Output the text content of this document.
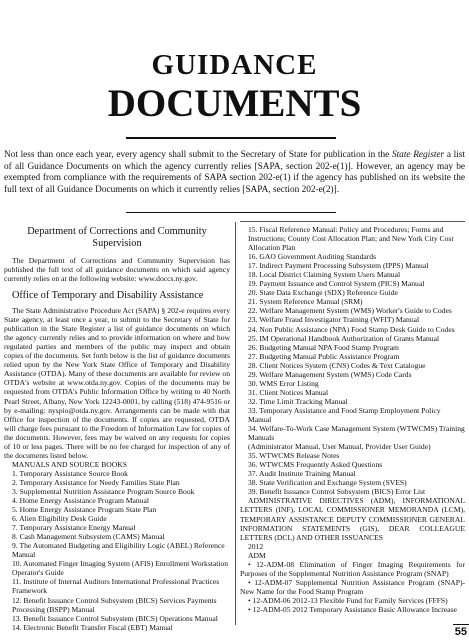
GUIDANCE
DOCUMENTS
Not less than once each year, every agency shall submit to the Secretary of State for publication in the State Register a list of all Guidance Documents on which the agency currently relies [SAPA, section 202-e(1)]. However, an agency may be exempted from compliance with the requirements of SAPA section 202-e(1) if the agency has published on its website the full text of all Guidance Documents on which it currently relies [SAPA, section 202-e(2)].
Department of Corrections and Community Supervision

The Department of Corrections and Community Supervision has published the full text of all guidance documents on which said agency currently relies on at the following website: www.doccs.ny.gov.

Office of Temporary and Disability Assistance

The State Administrative Procedure Act (SAPA) § 202-e requires every State agency, at least once a year, to submit to the Secretary of State for publication in the State Register a list of guidance documents on which the agency currently relies and to provide information on where and how regulated parties and members of the public may inspect and obtain copies of the documents. Set forth below is the list of guidance documents relied upon by the New York State Office of Temporary and Disability Assistance (OTDA). Many of these documents are available for review on OTDA's website at www.otda.ny.gov. Copies of the documents may be requested from OTDA's Public Information Office by writing to 40 North Pearl Street, Albany, New York 12243-0001, by calling (518) 474-9516 or by e-mailing: nyspio@otda.ny.gov. Arrangements can be made with that Office for inspection of the documents. If copies are requested, OTDA will charge fees pursuant to the Freedom of Information Law for copies of the documents. However, fees may be waived on any requests for copies of 10 or less pages. There will be no fee charged for inspection of any of the documents listed below.

MANUALS AND SOURCE BOOKS
1. Temporary Assistance Source Book
2. Temporary Assistance for Needy Families State Plan
3. Supplemental Nutrition Assistance Program Source Book
4. Home Energy Assistance Program Manual
5. Home Energy Assistance Program State Plan
6. Alien Eligibility Desk Guide
7. Temporary Assistance Energy Manual
8. Cash Management Subsystem (CAMS) Manual
9. The Automated Budgeting and Eligibility Logic (ABEL) Reference Manual
10. Automated Finger Imaging System (AFIS) Enrollment Workstation Operator's Guide
11. Institute of Internal Auditors International Professional Practices Framework
12. Benefit Issuance Control Subsystem (BICS) Services Payments Processing (BSPP) Manual
13. Benefit Issuance Control Subsystem (BICS) Operations Manual
14. Electronic Benefit Transfer Fiscal (EBT) Manual
15. Fiscal Reference Manual: Policy and Procedures; Forms and Instructions; County Cost Allocation Plan; and New York City Cost Allocation Plan
16. GAO Government Auditing Standards
17. Indirect Payment Processing Subsystem (IPPS) Manual
18. Local District Claiming System Users Manual
19. Payment Issuance and Control System (PICS) Manual
20. State Data Exchange (SDX) Reference Guide
21. System Reference Manual (SRM)
22. Welfare Management System (WMS) Worker's Guide to Codes
23. Welfare Fraud Investigator Training (WFIT) Manual
24. Non Public Assistance (NPA) Food Stamp Desk Guide to Codes
25. IM Operational Handbook Authorization of Grants Manual
26. Budgeting Manual NPA Food Stamp Program
27. Budgeting Manual Public Assistance Program
28. Client Notices System (CNS) Codes & Text Catalogue
29. Welfare Management System (WMS) Code Cards
30. WMS Error Listing
31. Client Notices Manual
32. Time Limit Tracking Manual
33. Temporary Assistance and Food Stamp Employment Policy Manual
34. Welfare-To-Work Case Management System (WTWCMS) Training Manuals
(Administrator Manual, User Manual, Provider User Guide)
35. WTWCMS Release Notes
36. WTWCMS Frequently Asked Questions
37. Audit Institute Training Manual
38. State Verification and Exchange System (SVES)
39. Benefit Issuance Control Subsystem (BICS) Error List
ADMINISTRATIVE DIRECTIVES (ADM), INFORMATIONAL LETTERS (INF), LOCAL COMMISSIONER MEMORANDA (LCM), TEMPORARY ASSISTANCE DEPUTY COMMISSIONER GENERAL INFORMATION STATEMENTS (GIS), DEAR COLLEAGUE LETTERS (DCL) AND OTHER ISSUANCES
2012
ADM
• 12-ADM-08 Elimination of Finger Imaging Requirements for Purposes of the Supplemental Nutrition Assistance Program (SNAP)
• 12-ADM-07 Supplemental Nutrition Assistance Program (SNAP)-New Name for the Food Stamp Program
• 12-ADM-06 2012-13 Flexible Fund for Family Services (FFFS)
• 12-ADM-05 2012 Temporary Assistance Basic Allowance Increase
55
